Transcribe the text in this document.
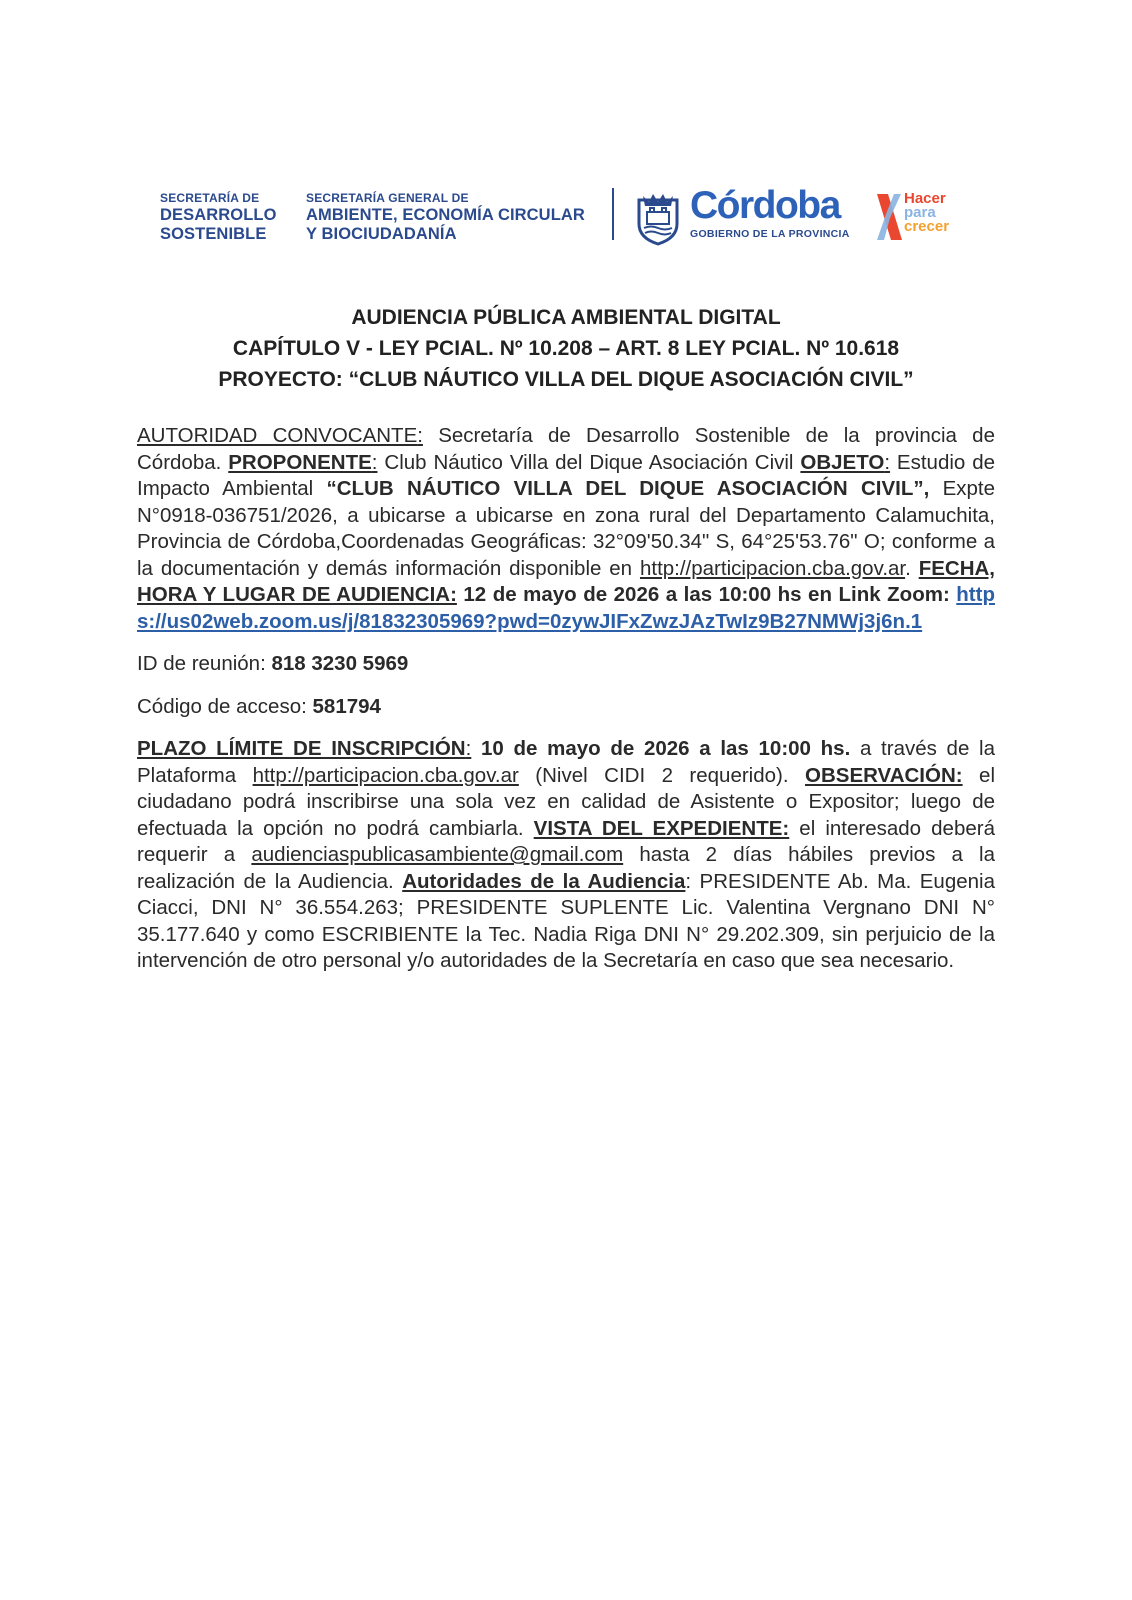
SECRETARÍA DE
DESARROLLO
SOSTENIBLE
SECRETARÍA GENERAL DE
AMBIENTE, ECONOMÍA CIRCULAR
Y BIOCIUDADANÍA
Córdoba
GOBIERNO DE LA PROVINCIA
Hacer
para
crecer
AUDIENCIA PÚBLICA AMBIENTAL DIGITAL
CAPÍTULO V - LEY PCIAL. Nº 10.208 – ART. 8 LEY PCIAL. Nº 10.618
PROYECTO: “CLUB NÁUTICO VILLA DEL DIQUE ASOCIACIÓN CIVIL”

AUTORIDAD CONVOCANTE: Secretaría de Desarrollo Sostenible de la provincia de Córdoba. PROPONENTE: Club Náutico Villa del Dique Asociación Civil OBJETO: Estudio de Impacto Ambiental “CLUB NÁUTICO VILLA DEL DIQUE ASOCIACIÓN CIVIL”, Expte N°0918-036751/2026, a ubicarse a ubicarse en zona rural del Departamento Calamuchita, Provincia de Córdoba,Coordenadas Geográficas: 32°09'50.34" S, 64°25'53.76" O; conforme a la documentación y demás información disponible en http://participacion.cba.gov.ar. FECHA, HORA Y LUGAR DE AUDIENCIA: 12 de mayo de 2026 a las 10:00 hs en Link Zoom: https://us02web.zoom.us/j/81832305969?pwd=0zywJIFxZwzJAzTwIz9B27NMWj3j6n.1

ID de reunión: 818 3230 5969

Código de acceso: 581794

PLAZO LÍMITE DE INSCRIPCIÓN: 10 de mayo de 2026 a las 10:00 hs. a través de la Plataforma http://participacion.cba.gov.ar (Nivel CIDI 2 requerido). OBSERVACIÓN: el ciudadano podrá inscribirse una sola vez en calidad de Asistente o Expositor; luego de efectuada la opción no podrá cambiarla. VISTA DEL EXPEDIENTE: el interesado deberá requerir a audienciaspublicasambiente@gmail.com hasta 2 días hábiles previos a la realización de la Audiencia. Autoridades de la Audiencia: PRESIDENTE Ab. Ma. Eugenia Ciacci, DNI N° 36.554.263; PRESIDENTE SUPLENTE Lic. Valentina Vergnano DNI N° 35.177.640 y como ESCRIBIENTE la Tec. Nadia Riga DNI N° 29.202.309, sin perjuicio de la intervención de otro personal y/o autoridades de la Secretaría en caso que sea necesario.
